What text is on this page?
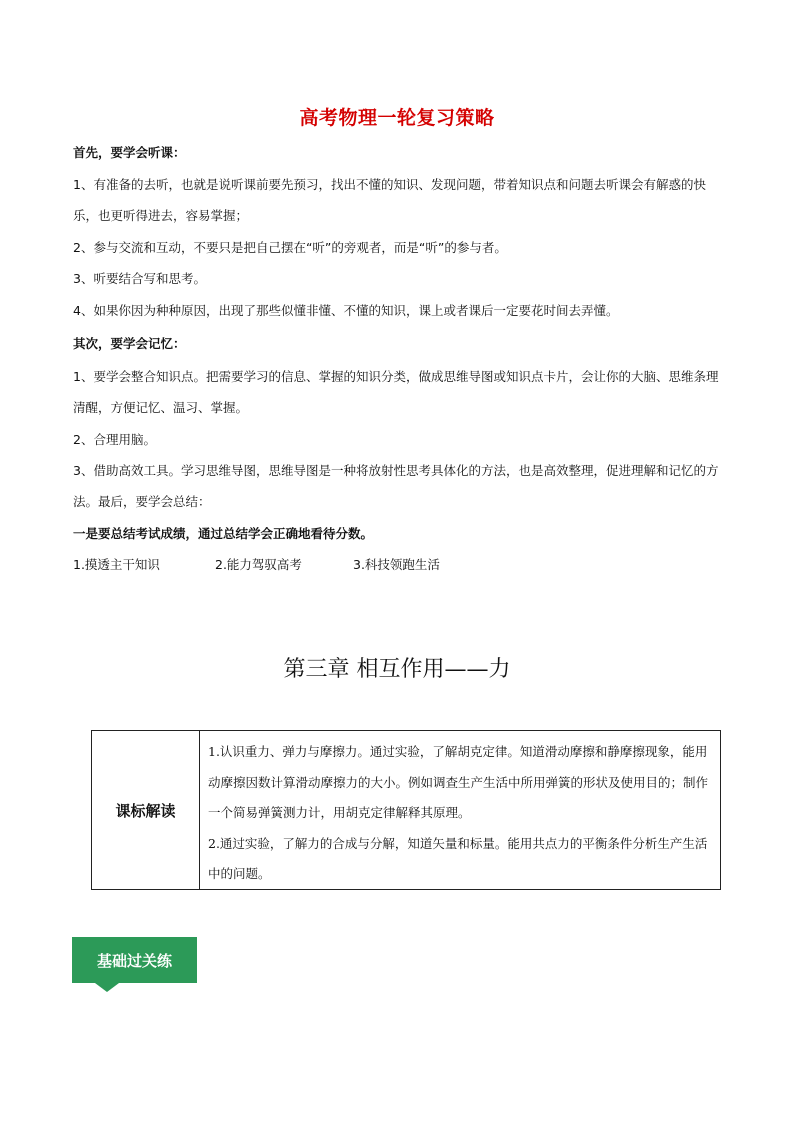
高考物理一轮复习策略
首先，要学会听课：
1、有准备的去听，也就是说听课前要先预习，找出不懂的知识、发现问题，带着知识点和问题去听课会有解惑的快乐，也更听得进去，容易掌握；
2、参与交流和互动，不要只是把自己摆在“听”的旁观者，而是“听”的参与者。
3、听要结合写和思考。
4、如果你因为种种原因，出现了那些似懂非懂、不懂的知识，课上或者课后一定要花时间去弄懂。
其次，要学会记忆：
1、要学会整合知识点。把需要学习的信息、掌握的知识分类，做成思维导图或知识点卡片，会让你的大脑、思维条理清醒，方便记忆、温习、掌握。
2、合理用脑。
3、借助高效工具。学习思维导图，思维导图是一种将放射性思考具体化的方法，也是高效整理，促进理解和记忆的方法。最后，要学会总结：
一是要总结考试成绩，通过总结学会正确地看待分数。
1.摸透主干知识	2.能力驾驭高考	3.科技领跑生活
第三章 相互作用——力
课标解读
1.认识重力、弹力与摩擦力。通过实验，了解胡克定律。知道滑动摩擦和静摩擦现象，能用动摩擦因数计算滑动摩擦力的大小。例如调查生产生活中所用弹簧的形状及使用目的；制作一个简易弹簧测力计，用胡克定律解释其原理。
2.通过实验，了解力的合成与分解，知道矢量和标量。能用共点力的平衡条件分析生产生活中的问题。
基础过关练
